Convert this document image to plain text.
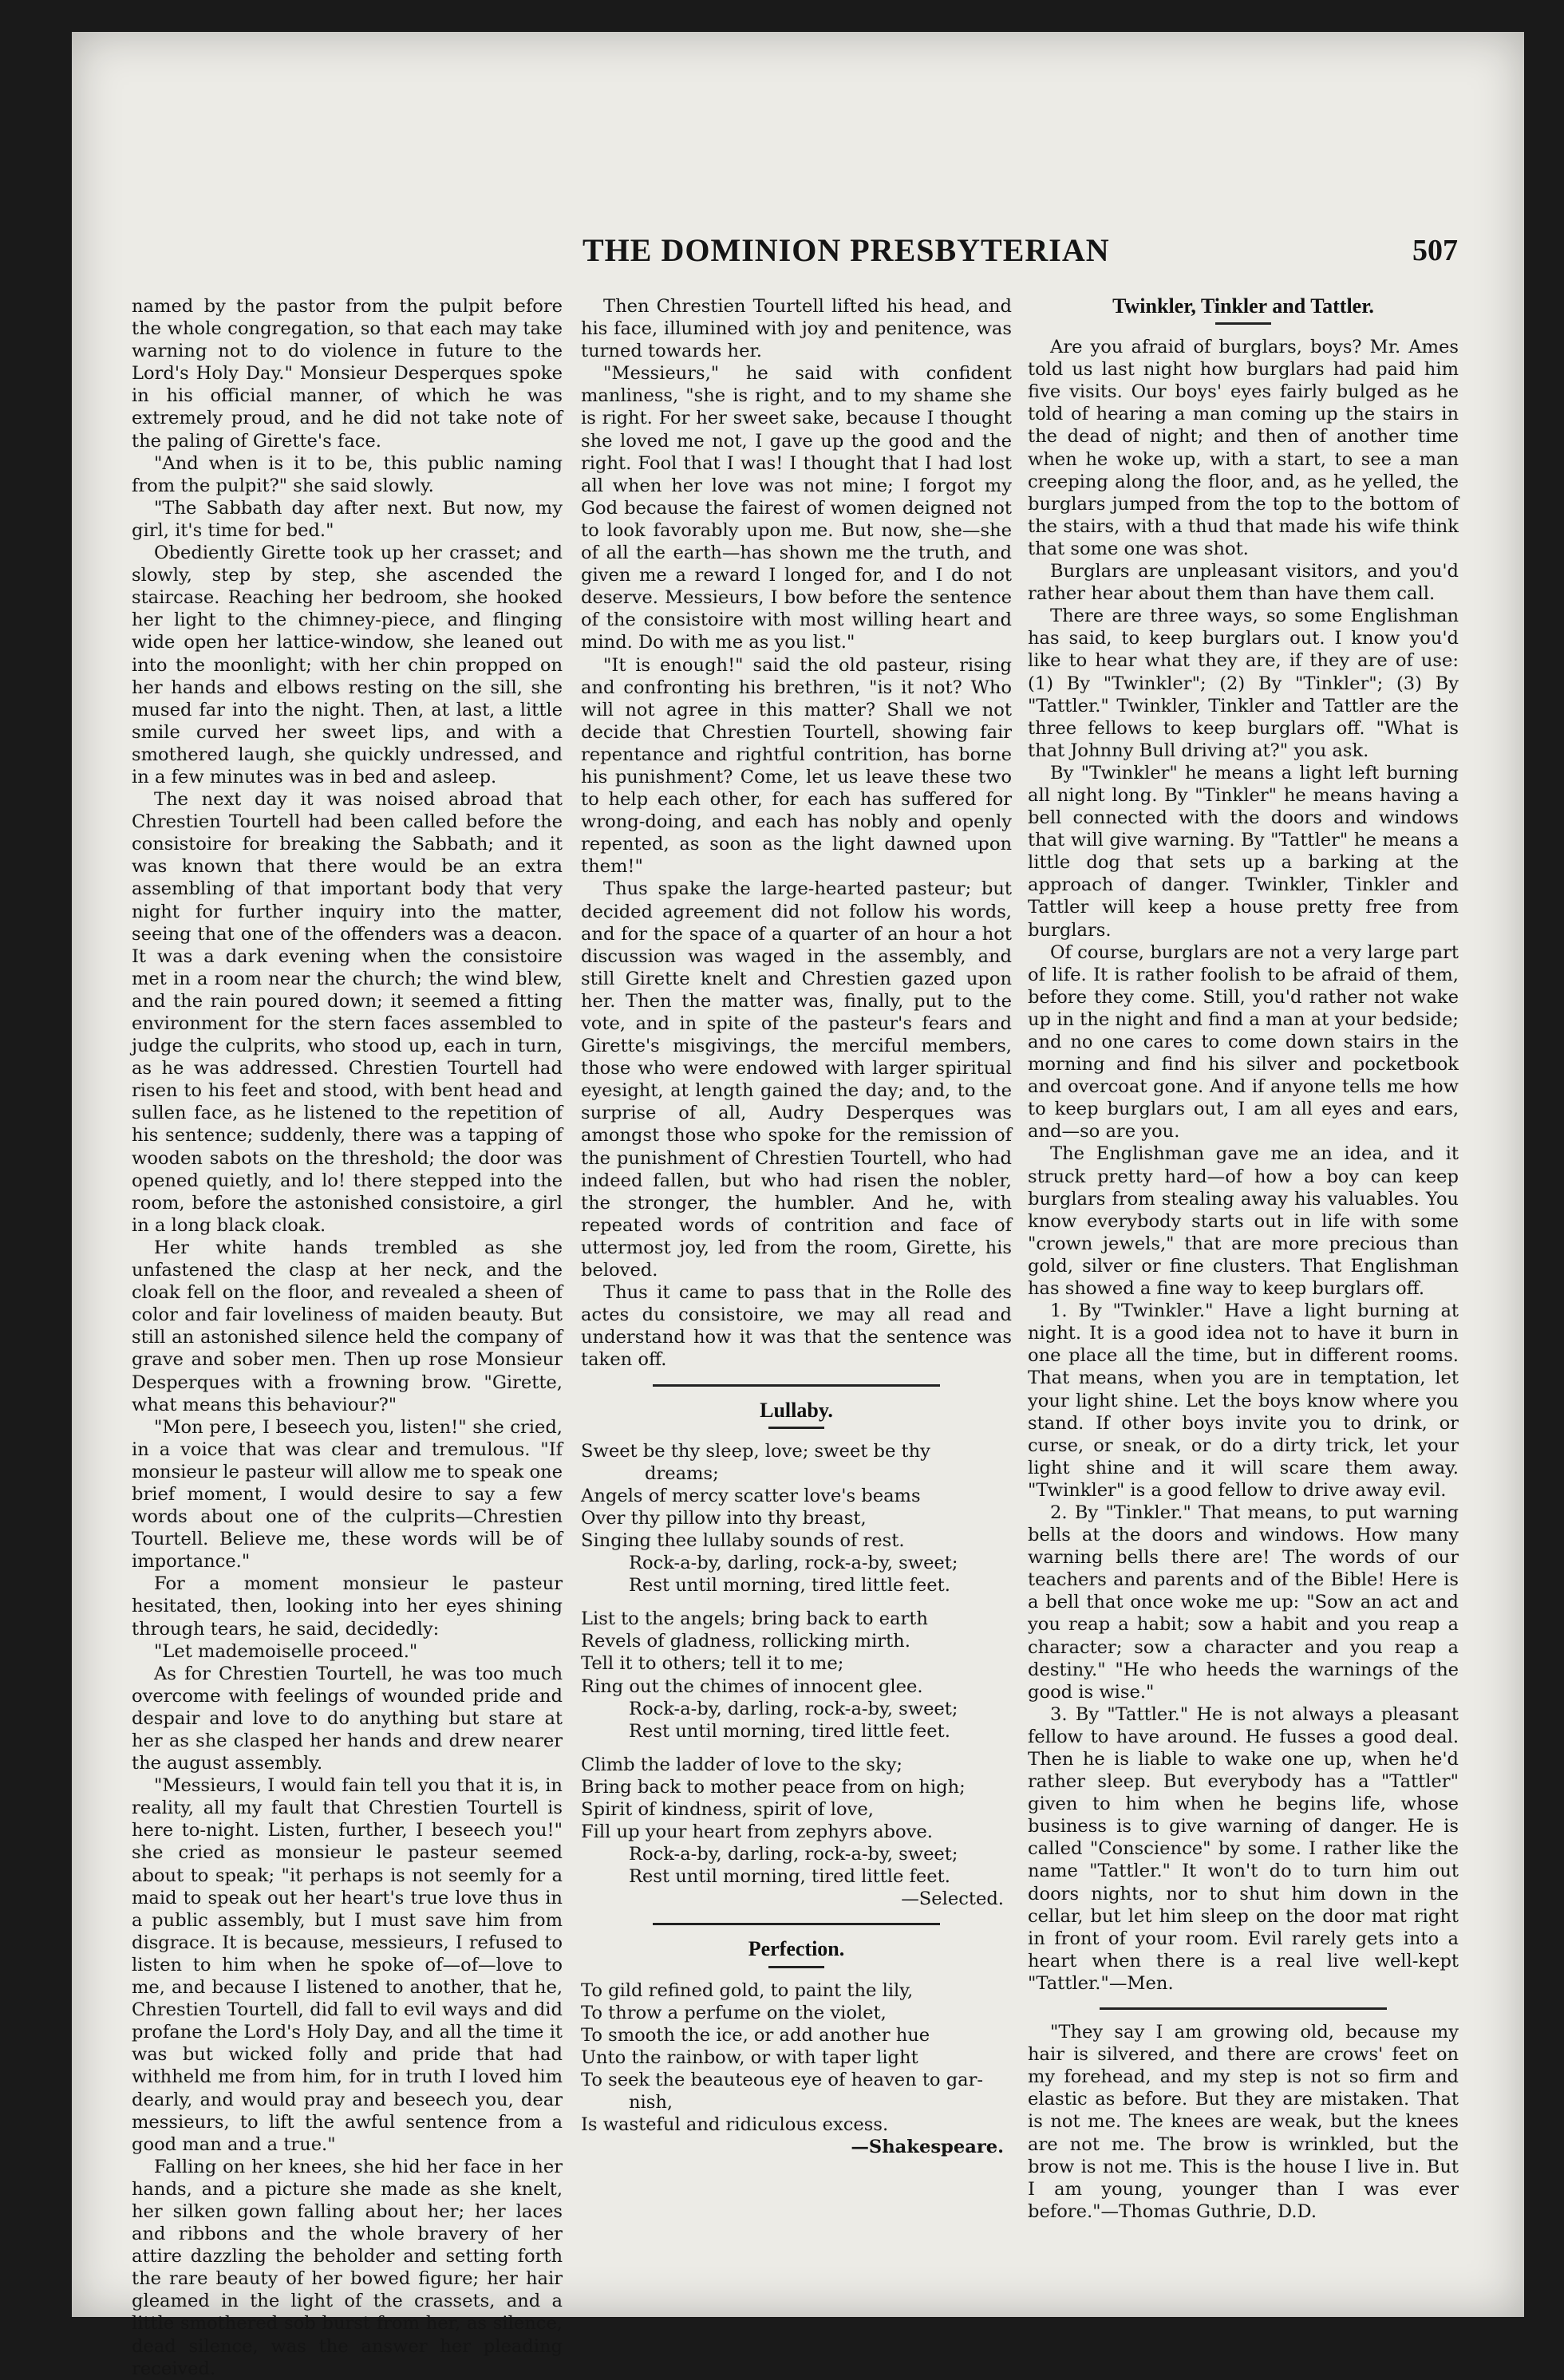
THE DOMINION PRESBYTERIAN	507

named by the pastor from the pulpit before the whole congregation, so that each may take warning not to do violence in future to the Lord's Holy Day." Monsieur Desperques spoke in his official manner, of which he was extremely proud, and he did not take note of the paling of Girette's face.

"And when is it to be, this public naming from the pulpit?" she said slowly.

"The Sabbath day after next. But now, my girl, it's time for bed."

Obediently Girette took up her crasset; and slowly, step by step, she ascended the staircase. Reaching her bedroom, she hooked her light to the chimney-piece, and flinging wide open her lattice-window, she leaned out into the moonlight; with her chin propped on her hands and elbows resting on the sill, she mused far into the night. Then, at last, a little smile curved her sweet lips, and with a smothered laugh, she quickly undressed, and in a few minutes was in bed and asleep.

The next day it was noised abroad that Chrestien Tourtell had been called before the consistoire for breaking the Sabbath; and it was known that there would be an extra assembling of that important body that very night for further inquiry into the matter, seeing that one of the offenders was a deacon. It was a dark evening when the consistoire met in a room near the church; the wind blew, and the rain poured down; it seemed a fitting environment for the stern faces assembled to judge the culprits, who stood up, each in turn, as he was addressed. Chrestien Tourtell had risen to his feet and stood, with bent head and sullen face, as he listened to the repetition of his sentence; suddenly, there was a tapping of wooden sabots on the threshold; the door was opened quietly, and lo! there stepped into the room, before the astonished consistoire, a girl in a long black cloak.

Her white hands trembled as she unfastened the clasp at her neck, and the cloak fell on the floor, and revealed a sheen of color and fair loveliness of maiden beauty. But still an astonished silence held the company of grave and sober men. Then up rose Monsieur Desperques with a frowning brow. "Girette, what means this behaviour?"

"Mon pere, I beseech you, listen!" she cried, in a voice that was clear and tremulous. "If monsieur le pasteur will allow me to speak one brief moment, I would desire to say a few words about one of the culprits—Chrestien Tourtell. Believe me, these words will be of importance."

For a moment monsieur le pasteur hesitated, then, looking into her eyes shining through tears, he said, decidedly:

"Let mademoiselle proceed."

As for Chrestien Tourtell, he was too much overcome with feelings of wounded pride and despair and love to do anything but stare at her as she clasped her hands and drew nearer the august assembly.

"Messieurs, I would fain tell you that it is, in reality, all my fault that Chrestien Tourtell is here to-night. Listen, further, I beseech you!" she cried as monsieur le pasteur seemed about to speak; "it perhaps is not seemly for a maid to speak out her heart's true love thus in a public assembly, but I must save him from disgrace. It is because, messieurs, I refused to listen to him when he spoke of—of—love to me, and because I listened to another, that he, Chrestien Tourtell, did fall to evil ways and did profane the Lord's Holy Day, and all the time it was but wicked folly and pride that had withheld me from him, for in truth I loved him dearly, and would pray and beseech you, dear messieurs, to lift the awful sentence from a good man and a true."

Falling on her knees, she hid her face in her hands, and a picture she made as she knelt, her silken gown falling about her; her laces and ribbons and the whole bravery of her attire dazzling the beholder and setting forth the rare beauty of her bowed figure; her hair gleamed in the light of the crassets, and a little smothered sob burst from her, as silence, dead silence, was the answer her pleading received.

Then Chrestien Tourtell lifted his head, and his face, illumined with joy and penitence, was turned towards her.

"Messieurs," he said with confident manliness, "she is right, and to my shame she is right. For her sweet sake, because I thought she loved me not, I gave up the good and the right. Fool that I was! I thought that I had lost all when her love was not mine; I forgot my God because the fairest of women deigned not to look favorably upon me. But now, she—she of all the earth—has shown me the truth, and given me a reward I longed for, and I do not deserve. Messieurs, I bow before the sentence of the consistoire with most willing heart and mind. Do with me as you list."

"It is enough!" said the old pasteur, rising and confronting his brethren, "is it not? Who will not agree in this matter? Shall we not decide that Chrestien Tourtell, showing fair repentance and rightful contrition, has borne his punishment? Come, let us leave these two to help each other, for each has suffered for wrong-doing, and each has nobly and openly repented, as soon as the light dawned upon them!"

Thus spake the large-hearted pasteur; but decided agreement did not follow his words, and for the space of a quarter of an hour a hot discussion was waged in the assembly, and still Girette knelt and Chrestien gazed upon her. Then the matter was, finally, put to the vote, and in spite of the pasteur's fears and Girette's misgivings, the merciful members, those who were endowed with larger spiritual eyesight, at length gained the day; and, to the surprise of all, Audry Desperques was amongst those who spoke for the remission of the punishment of Chrestien Tourtell, who had indeed fallen, but who had risen the nobler, the stronger, the humbler. And he, with repeated words of contrition and face of uttermost joy, led from the room, Girette, his beloved.

Thus it came to pass that in the Rolle des actes du consistoire, we may all read and understand how it was that the sentence was taken off.

Lullaby.
Sweet be thy sleep, love; sweet be thy
dreams;
Angels of mercy scatter love's beams
Over thy pillow into thy breast,
Singing thee lullaby sounds of rest.
Rock-a-by, darling, rock-a-by, sweet;
Rest until morning, tired little feet.
List to the angels; bring back to earth
Revels of gladness, rollicking mirth.
Tell it to others; tell it to me;
Ring out the chimes of innocent glee.
Rock-a-by, darling, rock-a-by, sweet;
Rest until morning, tired little feet.
Climb the ladder of love to the sky;
Bring back to mother peace from on high;
Spirit of kindness, spirit of love,
Fill up your heart from zephyrs above.
Rock-a-by, darling, rock-a-by, sweet;
Rest until morning, tired little feet.
—Selected.
Perfection.
To gild refined gold, to paint the lily,
To throw a perfume on the violet,
To smooth the ice, or add another hue
Unto the rainbow, or with taper light
To seek the beauteous eye of heaven to gar-
nish,
Is wasteful and ridiculous excess.
—Shakespeare.
Twinkler, Tinkler and Tattler.

Are you afraid of burglars, boys? Mr. Ames told us last night how burglars had paid him five visits. Our boys' eyes fairly bulged as he told of hearing a man coming up the stairs in the dead of night; and then of another time when he woke up, with a start, to see a man creeping along the floor, and, as he yelled, the burglars jumped from the top to the bottom of the stairs, with a thud that made his wife think that some one was shot.

Burglars are unpleasant visitors, and you'd rather hear about them than have them call.

There are three ways, so some Englishman has said, to keep burglars out. I know you'd like to hear what they are, if they are of use: (1) By "Twinkler"; (2) By "Tinkler"; (3) By "Tattler." Twinkler, Tinkler and Tattler are the three fellows to keep burglars off. "What is that Johnny Bull driving at?" you ask.

By "Twinkler" he means a light left burning all night long. By "Tinkler" he means having a bell connected with the doors and windows that will give warning. By "Tattler" he means a little dog that sets up a barking at the approach of danger. Twinkler, Tinkler and Tattler will keep a house pretty free from burglars.

Of course, burglars are not a very large part of life. It is rather foolish to be afraid of them, before they come. Still, you'd rather not wake up in the night and find a man at your bedside; and no one cares to come down stairs in the morning and find his silver and pocketbook and overcoat gone. And if anyone tells me how to keep burglars out, I am all eyes and ears, and—so are you.

The Englishman gave me an idea, and it struck pretty hard—of how a boy can keep burglars from stealing away his valuables. You know everybody starts out in life with some "crown jewels," that are more precious than gold, silver or fine clusters. That Englishman has showed a fine way to keep burglars off.

1. By "Twinkler." Have a light burning at night. It is a good idea not to have it burn in one place all the time, but in different rooms. That means, when you are in temptation, let your light shine. Let the boys know where you stand. If other boys invite you to drink, or curse, or sneak, or do a dirty trick, let your light shine and it will scare them away. "Twinkler" is a good fellow to drive away evil.

2. By "Tinkler." That means, to put warning bells at the doors and windows. How many warning bells there are! The words of our teachers and parents and of the Bible! Here is a bell that once woke me up: "Sow an act and you reap a habit; sow a habit and you reap a character; sow a character and you reap a destiny." "He who heeds the warnings of the good is wise."

3. By "Tattler." He is not always a pleasant fellow to have around. He fusses a good deal. Then he is liable to wake one up, when he'd rather sleep. But everybody has a "Tattler" given to him when he begins life, whose business is to give warning of danger. He is called "Conscience" by some. I rather like the name "Tattler." It won't do to turn him out doors nights, nor to shut him down in the cellar, but let him sleep on the door mat right in front of your room. Evil rarely gets into a heart when there is a real live well-kept "Tattler."—Men.

"They say I am growing old, because my hair is silvered, and there are crows' feet on my forehead, and my step is not so firm and elastic as before. But they are mistaken. That is not me. The knees are weak, but the knees are not me. The brow is wrinkled, but the brow is not me. This is the house I live in. But I am young, younger than I was ever before."—Thomas Guthrie, D.D.
